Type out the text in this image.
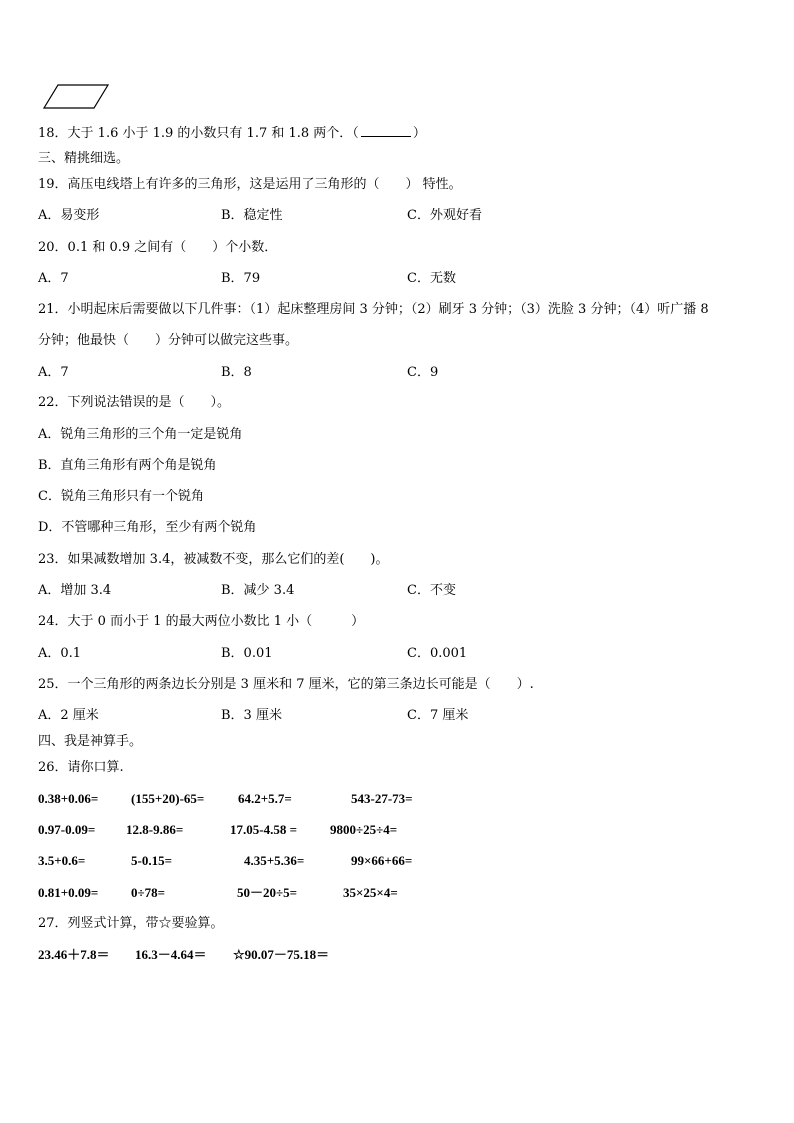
18．大于 1.6 小于 1.9 的小数只有 1.7 和 1.8 两个．（	）
三、精挑细选。
19．高压电线塔上有许多的三角形，这是运用了三角形的（　　） 特性。
A．易变形	B．稳定性	C．外观好看
20．0.1 和 0.9 之间有（　　）个小数．
A．7	B．79	C．无数
21．小明起床后需要做以下几件事：（1）起床整理房间 3 分钟；（2）刷牙 3 分钟；（3）洗脸 3 分钟；（4）听广播 8
分钟；他最快（　　）分钟可以做完这些事。
A．7	B．8	C．9
22．下列说法错误的是（　　）。
A．锐角三角形的三个角一定是锐角
B．直角三角形有两个角是锐角
C．锐角三角形只有一个锐角
D．不管哪种三角形，至少有两个锐角
23．如果减数增加 3.4，被减数不变，那么它们的差(　　)。
A．增加 3.4	B．减少 3.4	C．不变
24．大于 0 而小于 1 的最大两位小数比 1 小（　　　）
A．0.1	B．0.01	C．0.001
25．一个三角形的两条边长分别是 3 厘米和 7 厘米，它的第三条边长可能是（　　）.
A．2 厘米	B．3 厘米	C．7 厘米
四、我是神算手。
26．请你口算.
0.38+0.06=	(155+20)-65=	64.2+5.7=	543-27-73=
0.97-0.09= 12.8-9.86=	17.05-4.58 =	9800÷25÷4=
3.5+0.6=	5-0.15=	4.35+5.36=	99×66+66=
0.81+0.09=	0÷78=	50－20÷5=	35×25×4=
27．列竖式计算，带☆要验算。
23.46＋7.8＝ 16.3－4.64＝ ☆90.07－75.18＝
